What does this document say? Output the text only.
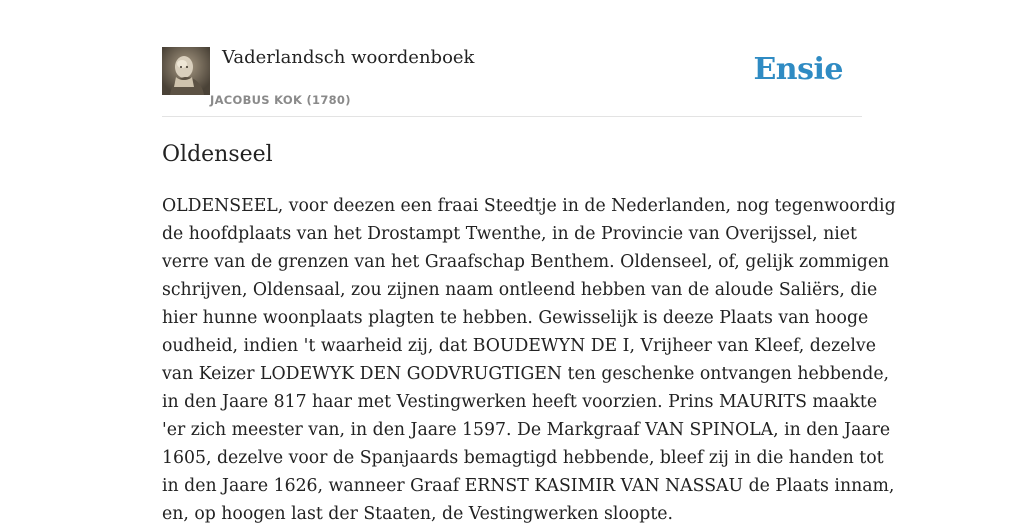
Vaderlandsch woordenboek
JACOBUS KOK (1780)
Ensie
Oldenseel
OLDENSEEL, voor deezen een fraai Steedtje in de Nederlanden, nog tegenwoordig
de hoofdplaats van het Drostampt Twenthe, in de Provincie van Overijssel, niet
verre van de grenzen van het Graafschap Benthem. Oldenseel, of, gelijk zommigen
schrijven, Oldensaal, zou zijnen naam ontleend hebben van de aloude Saliërs, die
hier hunne woonplaats plagten te hebben. Gewisselijk is deeze Plaats van hooge
oudheid, indien 't waarheid zij, dat BOUDEWYN DE I, Vrijheer van Kleef, dezelve
van Keizer LODEWYK DEN GODVRUGTIGEN ten geschenke ontvangen hebbende,
in den Jaare 817 haar met Vestingwerken heeft voorzien. Prins MAURITS maakte
'er zich meester van, in den Jaare 1597. De Markgraaf VAN SPINOLA, in den Jaare
1605, dezelve voor de Spanjaards bemagtigd hebbende, bleef zij in die handen tot
in den Jaare 1626, wanneer Graaf ERNST KASIMIR VAN NASSAU de Plaats innam,
en, op hoogen last der Staaten, de Vestingwerken sloopte.
